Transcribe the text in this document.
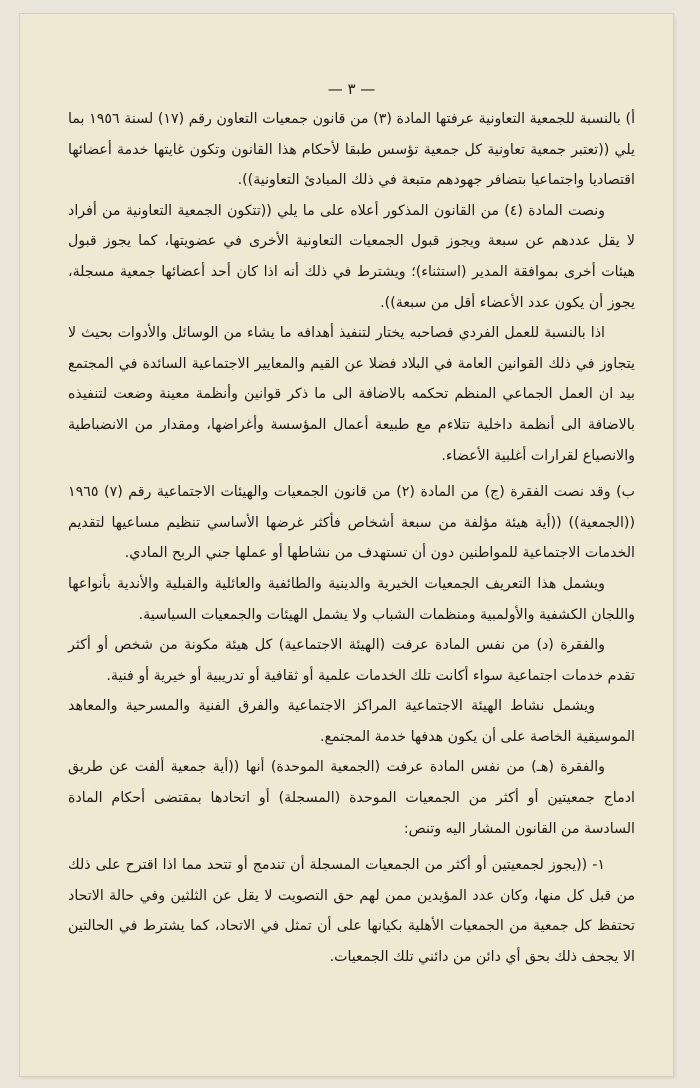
— ٣ —

أ) بالنسبة للجمعية التعاونية عرفتها المادة (٣) من قانون جمعيات التعاون رقم (١٧) لسنة ١٩٥٦ بما يلي ((تعتبر جمعية تعاونية كل جمعية تؤسس طبقا لأحكام هذا القانون وتكون غايتها خدمة أعضائها اقتصاديا واجتماعيا بتضافر جهودهم متبعة في ذلك المبادئ التعاونية)).

ونصت المادة (٤) من القانون المذكور أعلاه على ما يلي ((تتكون الجمعية التعاونية من أفراد لا يقل عددهم عن سبعة ويجوز قبول الجمعيات التعاونية الأخرى في عضويتها، كما يجوز قبول هيئات أخرى بموافقة المدير (استثناء)؛ ويشترط في ذلك أنه اذا كان أحد أعضائها جمعية مسجلة، يجوز أن يكون عدد الأعضاء أقل من سبعة)).

اذا بالنسبة للعمل الفردي فصاحبه يختار لتنفيذ أهدافه ما يشاء من الوسائل والأدوات بحيث لا يتجاوز في ذلك القوانين العامة في البلاد فضلا عن القيم والمعايير الاجتماعية السائدة في المجتمع بيد ان العمل الجماعي المنظم تحكمه بالاضافة الى ما ذكر قوانين وأنظمة معينة وضعت لتنفيذه بالاضافة الى أنظمة داخلية تتلاءم مع طبيعة أعمال المؤسسة وأغراضها، ومقدار من الانضباطية والانصياع لقرارات أغلبية الأعضاء.

ب) وقد نصت الفقرة (ج) من المادة (٢) من قانون الجمعيات والهيئات الاجتماعية رقم (٧) ١٩٦٥ ((الجمعية)) ((أية هيئة مؤلفة من سبعة أشخاص فأكثر غرضها الأساسي تنظيم مساعيها لتقديم الخدمات الاجتماعية للمواطنين دون أن تستهدف من نشاطها أو عملها جني الربح المادي.

ويشمل هذا التعريف الجمعيات الخيرية والدينية والطائفية والعائلية والقبلية والأندية بأنواعها واللجان الكشفية والأولمبية ومنظمات الشباب ولا يشمل الهيئات والجمعيات السياسية.

والفقرة (د) من نفس المادة عرفت (الهيئة الاجتماعية) كل هيئة مكونة من شخص أو أكثر تقدم خدمات اجتماعية سواء أكانت تلك الخدمات علمية أو ثقافية أو تدريبية أو خيرية أو فنية.

ويشمل نشاط الهيئة الاجتماعية المراكز الاجتماعية والفرق الفنية والمسرحية والمعاهد الموسيقية الخاصة على أن يكون هدفها خدمة المجتمع.

والفقرة (هـ) من نفس المادة عرفت (الجمعية الموحدة) أنها ((أية جمعية ألفت عن طريق ادماج جمعيتين أو أكثر من الجمعيات الموحدة (المسجلة) أو اتحادها بمقتضى أحكام المادة السادسة من القانون المشار اليه وتنص:

١- ((يجوز لجمعيتين أو أكثر من الجمعيات المسجلة أن تندمج أو تتحد مما اذا اقترح على ذلك من قبل كل منها، وكان عدد المؤيدين ممن لهم حق التصويت لا يقل عن الثلثين وفي حالة الاتحاد تحتفظ كل جمعية من الجمعيات الأهلية بكيانها على أن تمثل في الاتحاد، كما يشترط في الحالتين الا يجحف ذلك بحق أي دائن من دائني تلك الجمعيات.
